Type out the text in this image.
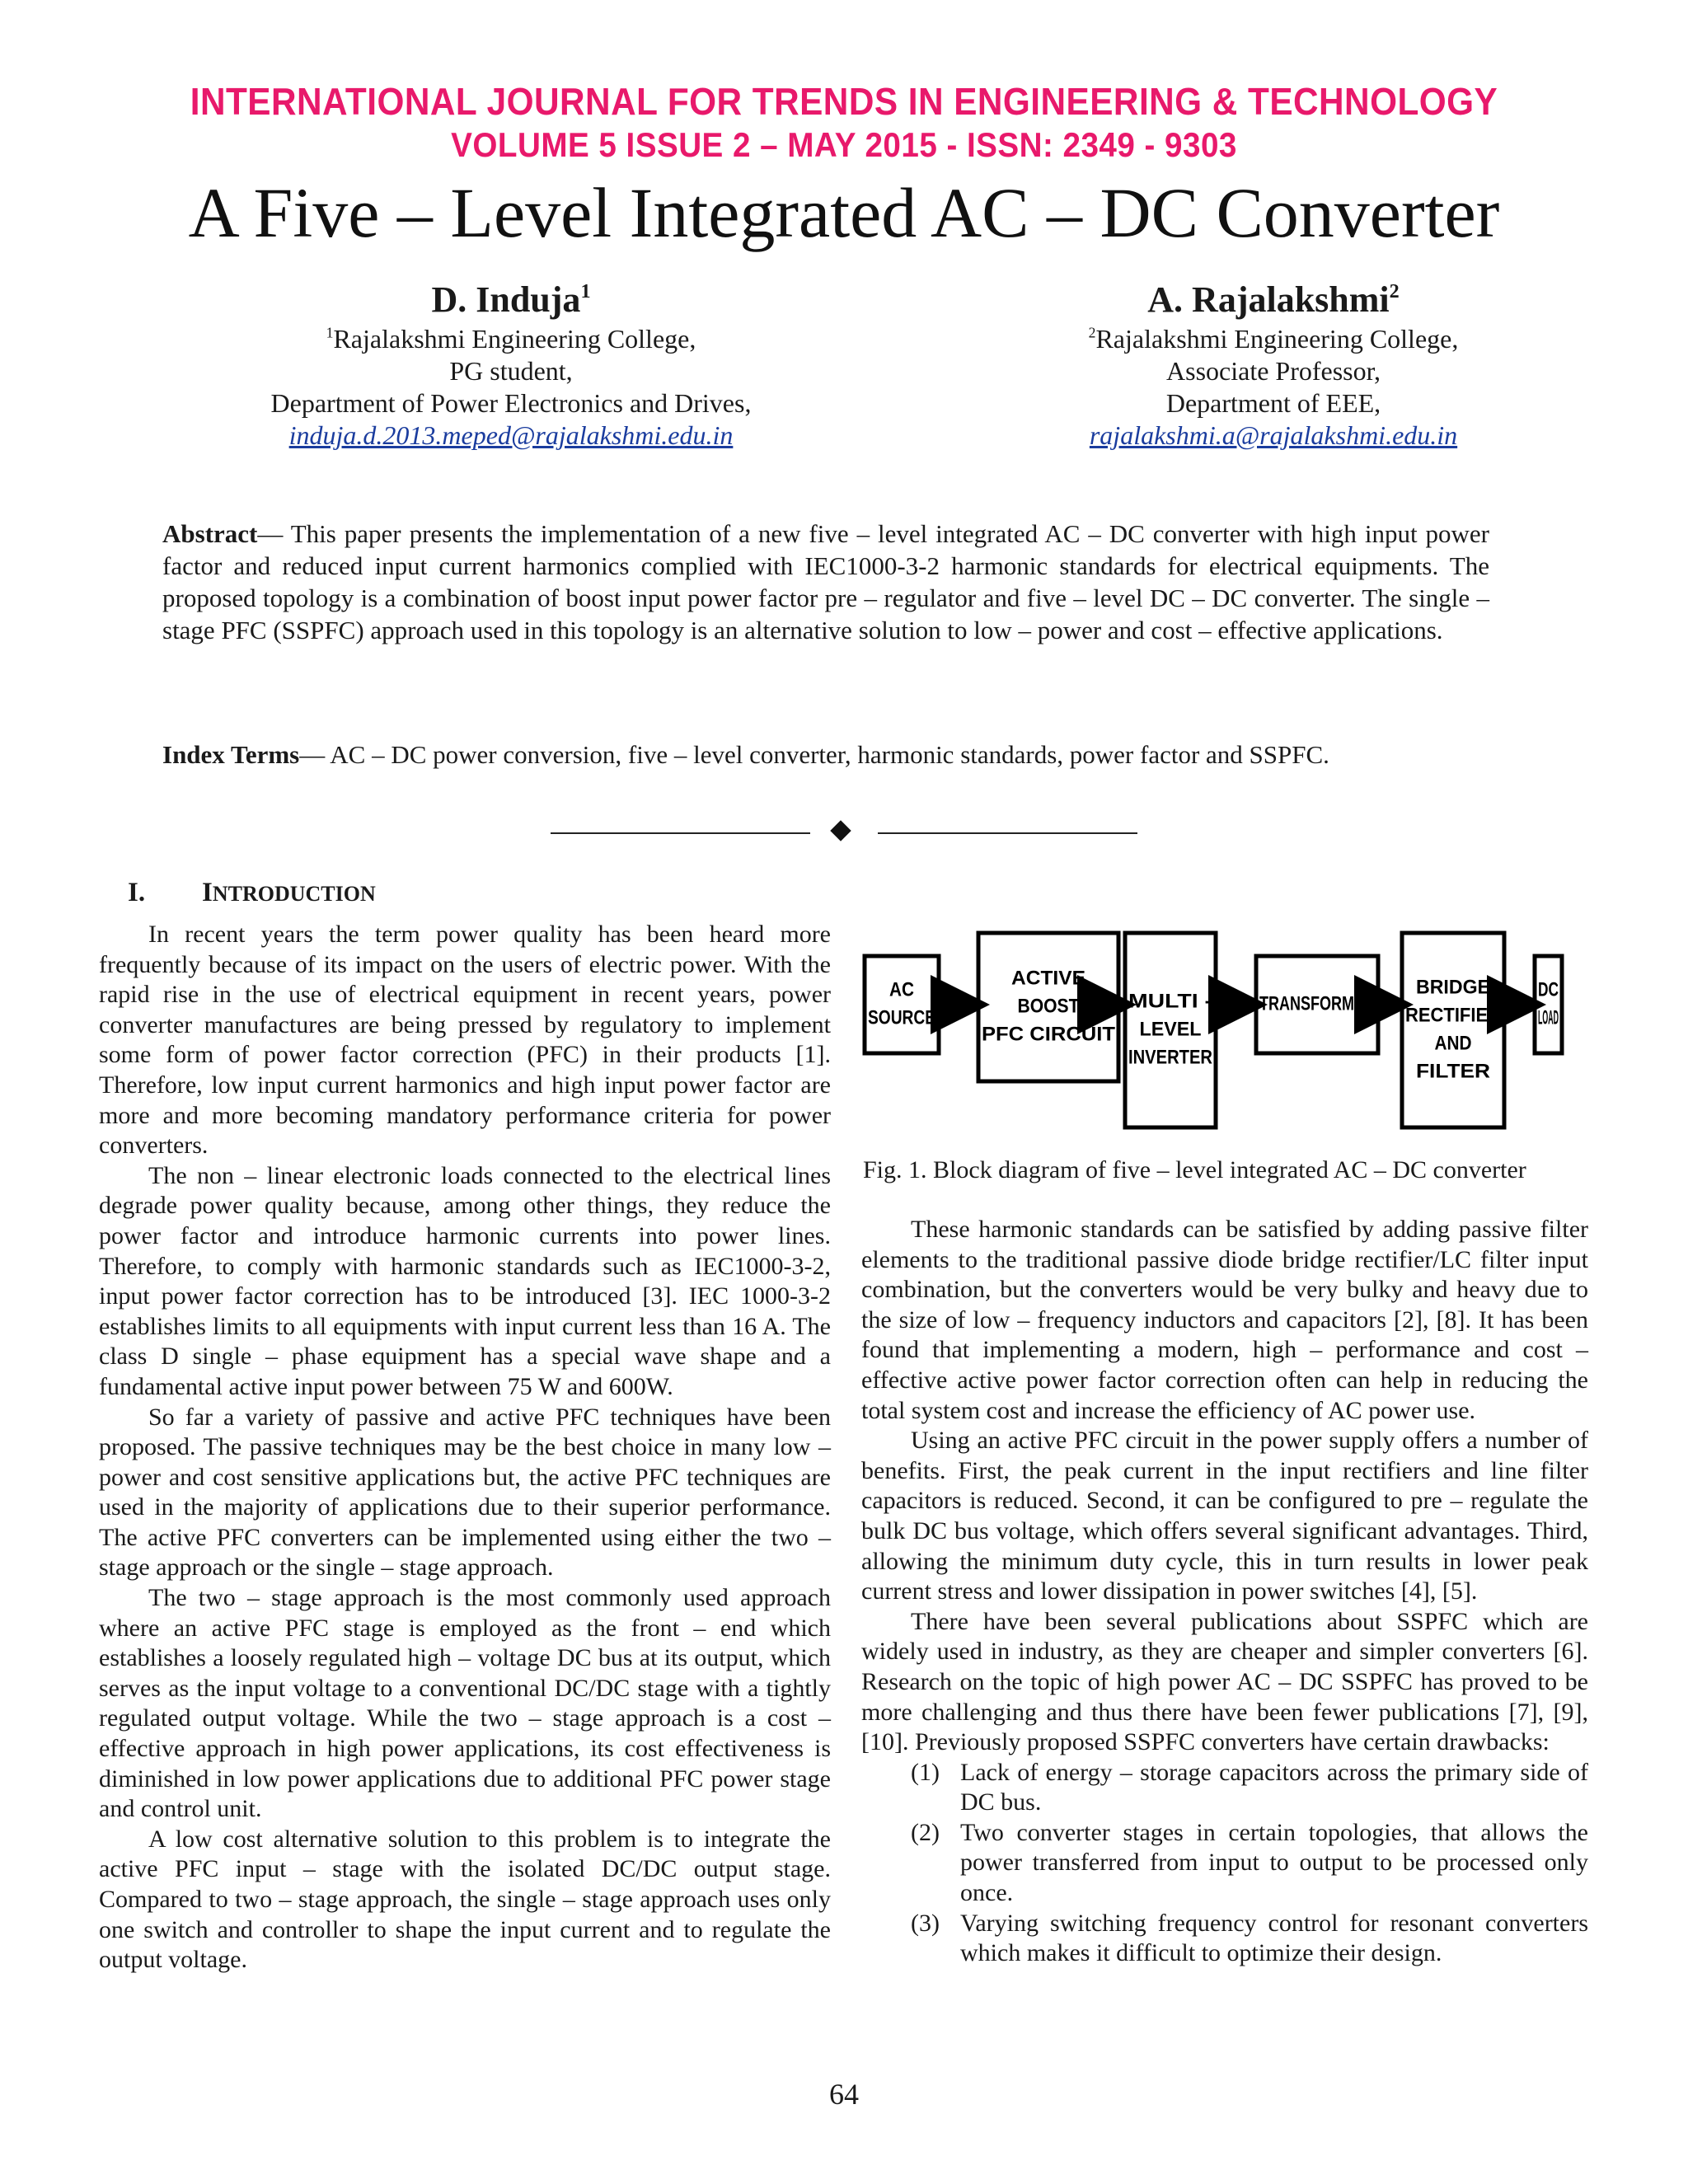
INTERNATIONAL JOURNAL FOR TRENDS IN ENGINEERING & TECHNOLOGY
VOLUME 5 ISSUE 2 – MAY 2015 - ISSN: 2349 - 9303
A Five – Level Integrated AC – DC Converter
D. Induja$^1$
$^1$Rajalakshmi Engineering College,
PG student,
Department of Power Electronics and Drives,
induja.d.2013.meped@rajalakshmi.edu.in
A. Rajalakshmi$^2$
$^2$Rajalakshmi Engineering College,
Associate Professor,
Department of EEE,
rajalakshmi.a@rajalakshmi.edu.in
Abstract— This paper presents the implementation of a new five – level integrated AC – DC converter with high input power factor and reduced input current harmonics complied with IEC1000-3-2 harmonic standards for electrical equipments. The proposed topology is a combination of boost input power factor pre – regulator and five – level DC – DC converter. The single – stage PFC (SSPFC) approach used in this topology is an alternative solution to low – power and cost – effective applications.
Index Terms— AC – DC power conversion, five – level converter, harmonic standards, power factor and SSPFC.
I. INTRODUCTION

In recent years the term power quality has been heard more frequently because of its impact on the users of electric power. With the rapid rise in the use of electrical equipment in recent years, power converter manufactures are being pressed by regulatory to implement some form of power factor correction (PFC) in their products [1]. Therefore, low input current harmonics and high input power factor are more and more becoming mandatory performance criteria for power converters.

The non – linear electronic loads connected to the electrical lines degrade power quality because, among other things, they reduce the power factor and introduce harmonic currents into power lines. Therefore, to comply with harmonic standards such as IEC1000-3-2, input power factor correction has to be introduced [3]. IEC 1000-3-2 establishes limits to all equipments with input current less than 16 A. The class D single – phase equipment has a special wave shape and a fundamental active input power between 75 W and 600W.

So far a variety of passive and active PFC techniques have been proposed. The passive techniques may be the best choice in many low – power and cost sensitive applications but, the active PFC techniques are used in the majority of applications due to their superior performance. The active PFC converters can be implemented using either the two – stage approach or the single – stage approach.

The two – stage approach is the most commonly used approach where an active PFC stage is employed as the front – end which establishes a loosely regulated high – voltage DC bus at its output, which serves as the input voltage to a conventional DC/DC stage with a tightly regulated output voltage. While the two – stage approach is a cost – effective approach in high power applications, its cost effectiveness is diminished in low power applications due to additional PFC power stage and control unit.

A low cost alternative solution to this problem is to integrate the active PFC input – stage with the isolated DC/DC output stage. Compared to two – stage approach, the single – stage approach uses only one switch and controller to shape the input current and to regulate the output voltage.

AC
SOURCE
ACTIVE
BOOST
PFC CIRCUIT
MULTI -
LEVEL
INVERTER
TRANSFORMER
BRIDGE
RECTIFIER
AND
FILTER
DC
LOAD
Fig. 1. Block diagram of five – level integrated AC – DC converter

These harmonic standards can be satisfied by adding passive filter elements to the traditional passive diode bridge rectifier/LC filter input combination, but the converters would be very bulky and heavy due to the size of low – frequency inductors and capacitors [2], [8]. It has been found that implementing a modern, high – performance and cost – effective active power factor correction often can help in reducing the total system cost and increase the efficiency of AC power use.

Using an active PFC circuit in the power supply offers a number of benefits. First, the peak current in the input rectifiers and line filter capacitors is reduced. Second, it can be configured to pre – regulate the bulk DC bus voltage, which offers several significant advantages. Third, allowing the minimum duty cycle, this in turn results in lower peak current stress and lower dissipation in power switches [4], [5].

There have been several publications about SSPFC which are widely used in industry, as they are cheaper and simpler converters [6]. Research on the topic of high power AC – DC SSPFC has proved to be more challenging and thus there have been fewer publications [7], [9], [10]. Previously proposed SSPFC converters have certain drawbacks:

(1) Lack of energy – storage capacitors across the primary side of DC bus.
(2) Two converter stages in certain topologies, that allows the power transferred from input to output to be processed only once.
(3) Varying switching frequency control for resonant converters which makes it difficult to optimize their design.
64
